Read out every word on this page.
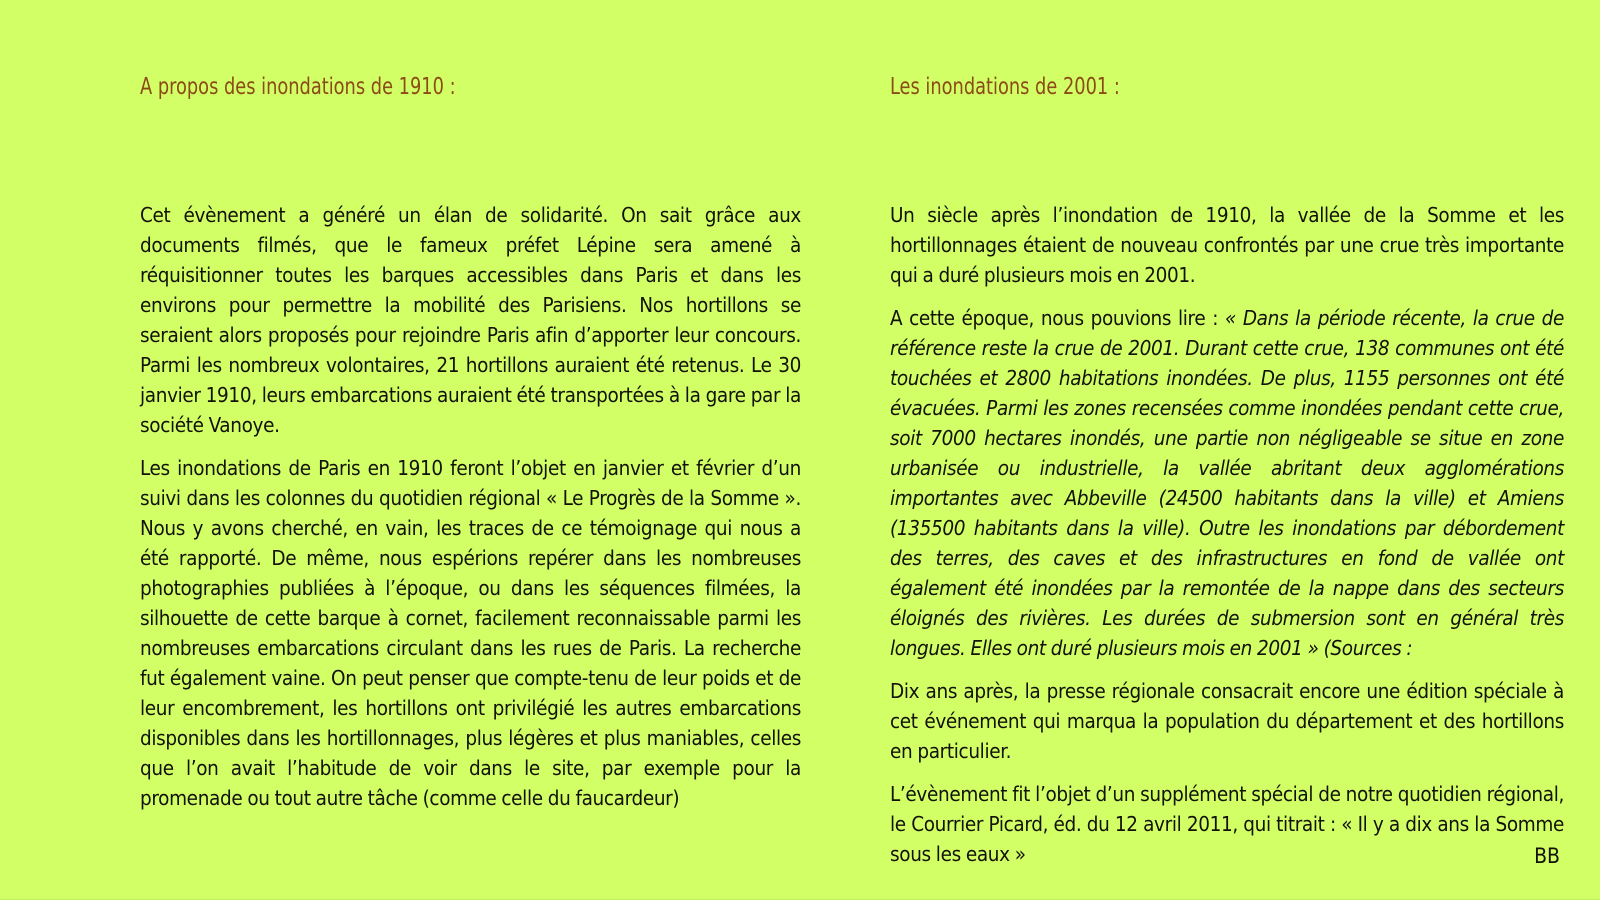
A propos des inondations de 1910 :

Cet évènement a généré un élan de solidarité. On sait grâce aux documents filmés, que le fameux préfet Lépine sera amené à réquisitionner toutes les barques accessibles dans Paris et dans les environs pour permettre la mobilité des Parisiens. Nos hortillons se seraient alors proposés pour rejoindre Paris afin d’apporter leur concours. Parmi les nombreux volontaires, 21 hortillons auraient été retenus. Le 30 janvier 1910, leurs embarcations auraient été transportées à la gare par la société Vanoye.

Les inondations de Paris en 1910 feront l’objet en janvier et février d’un suivi dans les colonnes du quotidien régional « Le Progrès de la Somme ». Nous y avons cherché, en vain, les traces de ce témoignage qui nous a été rapporté. De même, nous espérions repérer dans les nombreuses photographies publiées à l’époque, ou dans les séquences filmées, la silhouette de cette barque à cornet, facilement reconnaissable parmi les nombreuses embarcations circulant dans les rues de Paris. La recherche fut également vaine. On peut penser que compte-tenu de leur poids et de leur encombrement, les hortillons ont privilégié les autres embarcations disponibles dans les hortillonnages, plus légères et plus maniables, celles que l’on avait l’habitude de voir dans le site, par exemple pour la promenade ou tout autre tâche (comme celle du faucardeur)

Les inondations de 2001 :

Un siècle après l’inondation de 1910, la vallée de la Somme et les hortillonnages étaient de nouveau confrontés par une crue très importante qui a duré plusieurs mois en 2001.

A cette époque, nous pouvions lire : « Dans la période récente, la crue de référence reste la crue de 2001. Durant cette crue, 138 communes ont été touchées et 2800 habitations inondées. De plus, 1155 personnes ont été évacuées. Parmi les zones recensées comme inondées pendant cette crue, soit 7000 hectares inondés, une partie non négligeable se situe en zone urbanisée ou industrielle, la vallée abritant deux agglomérations importantes avec Abbeville (24500 habitants dans la ville) et Amiens (135500 habitants dans la ville). Outre les inondations par débordement des terres, des caves et des infrastructures en fond de vallée ont également été inondées par la remontée de la nappe dans des secteurs éloignés des rivières. Les durées de submersion sont en général très longues. Elles ont duré plusieurs mois en 2001 » (Sources :

Dix ans après, la presse régionale consacrait encore une édition spéciale à cet événement qui marqua la population du département et des hortillons en particulier.

L’évènement fit l’objet d’un supplément spécial de notre quotidien régional, le Courrier Picard, éd. du 12 avril 2011, qui titrait : « Il y a dix ans la Somme sous les eaux »	BB
